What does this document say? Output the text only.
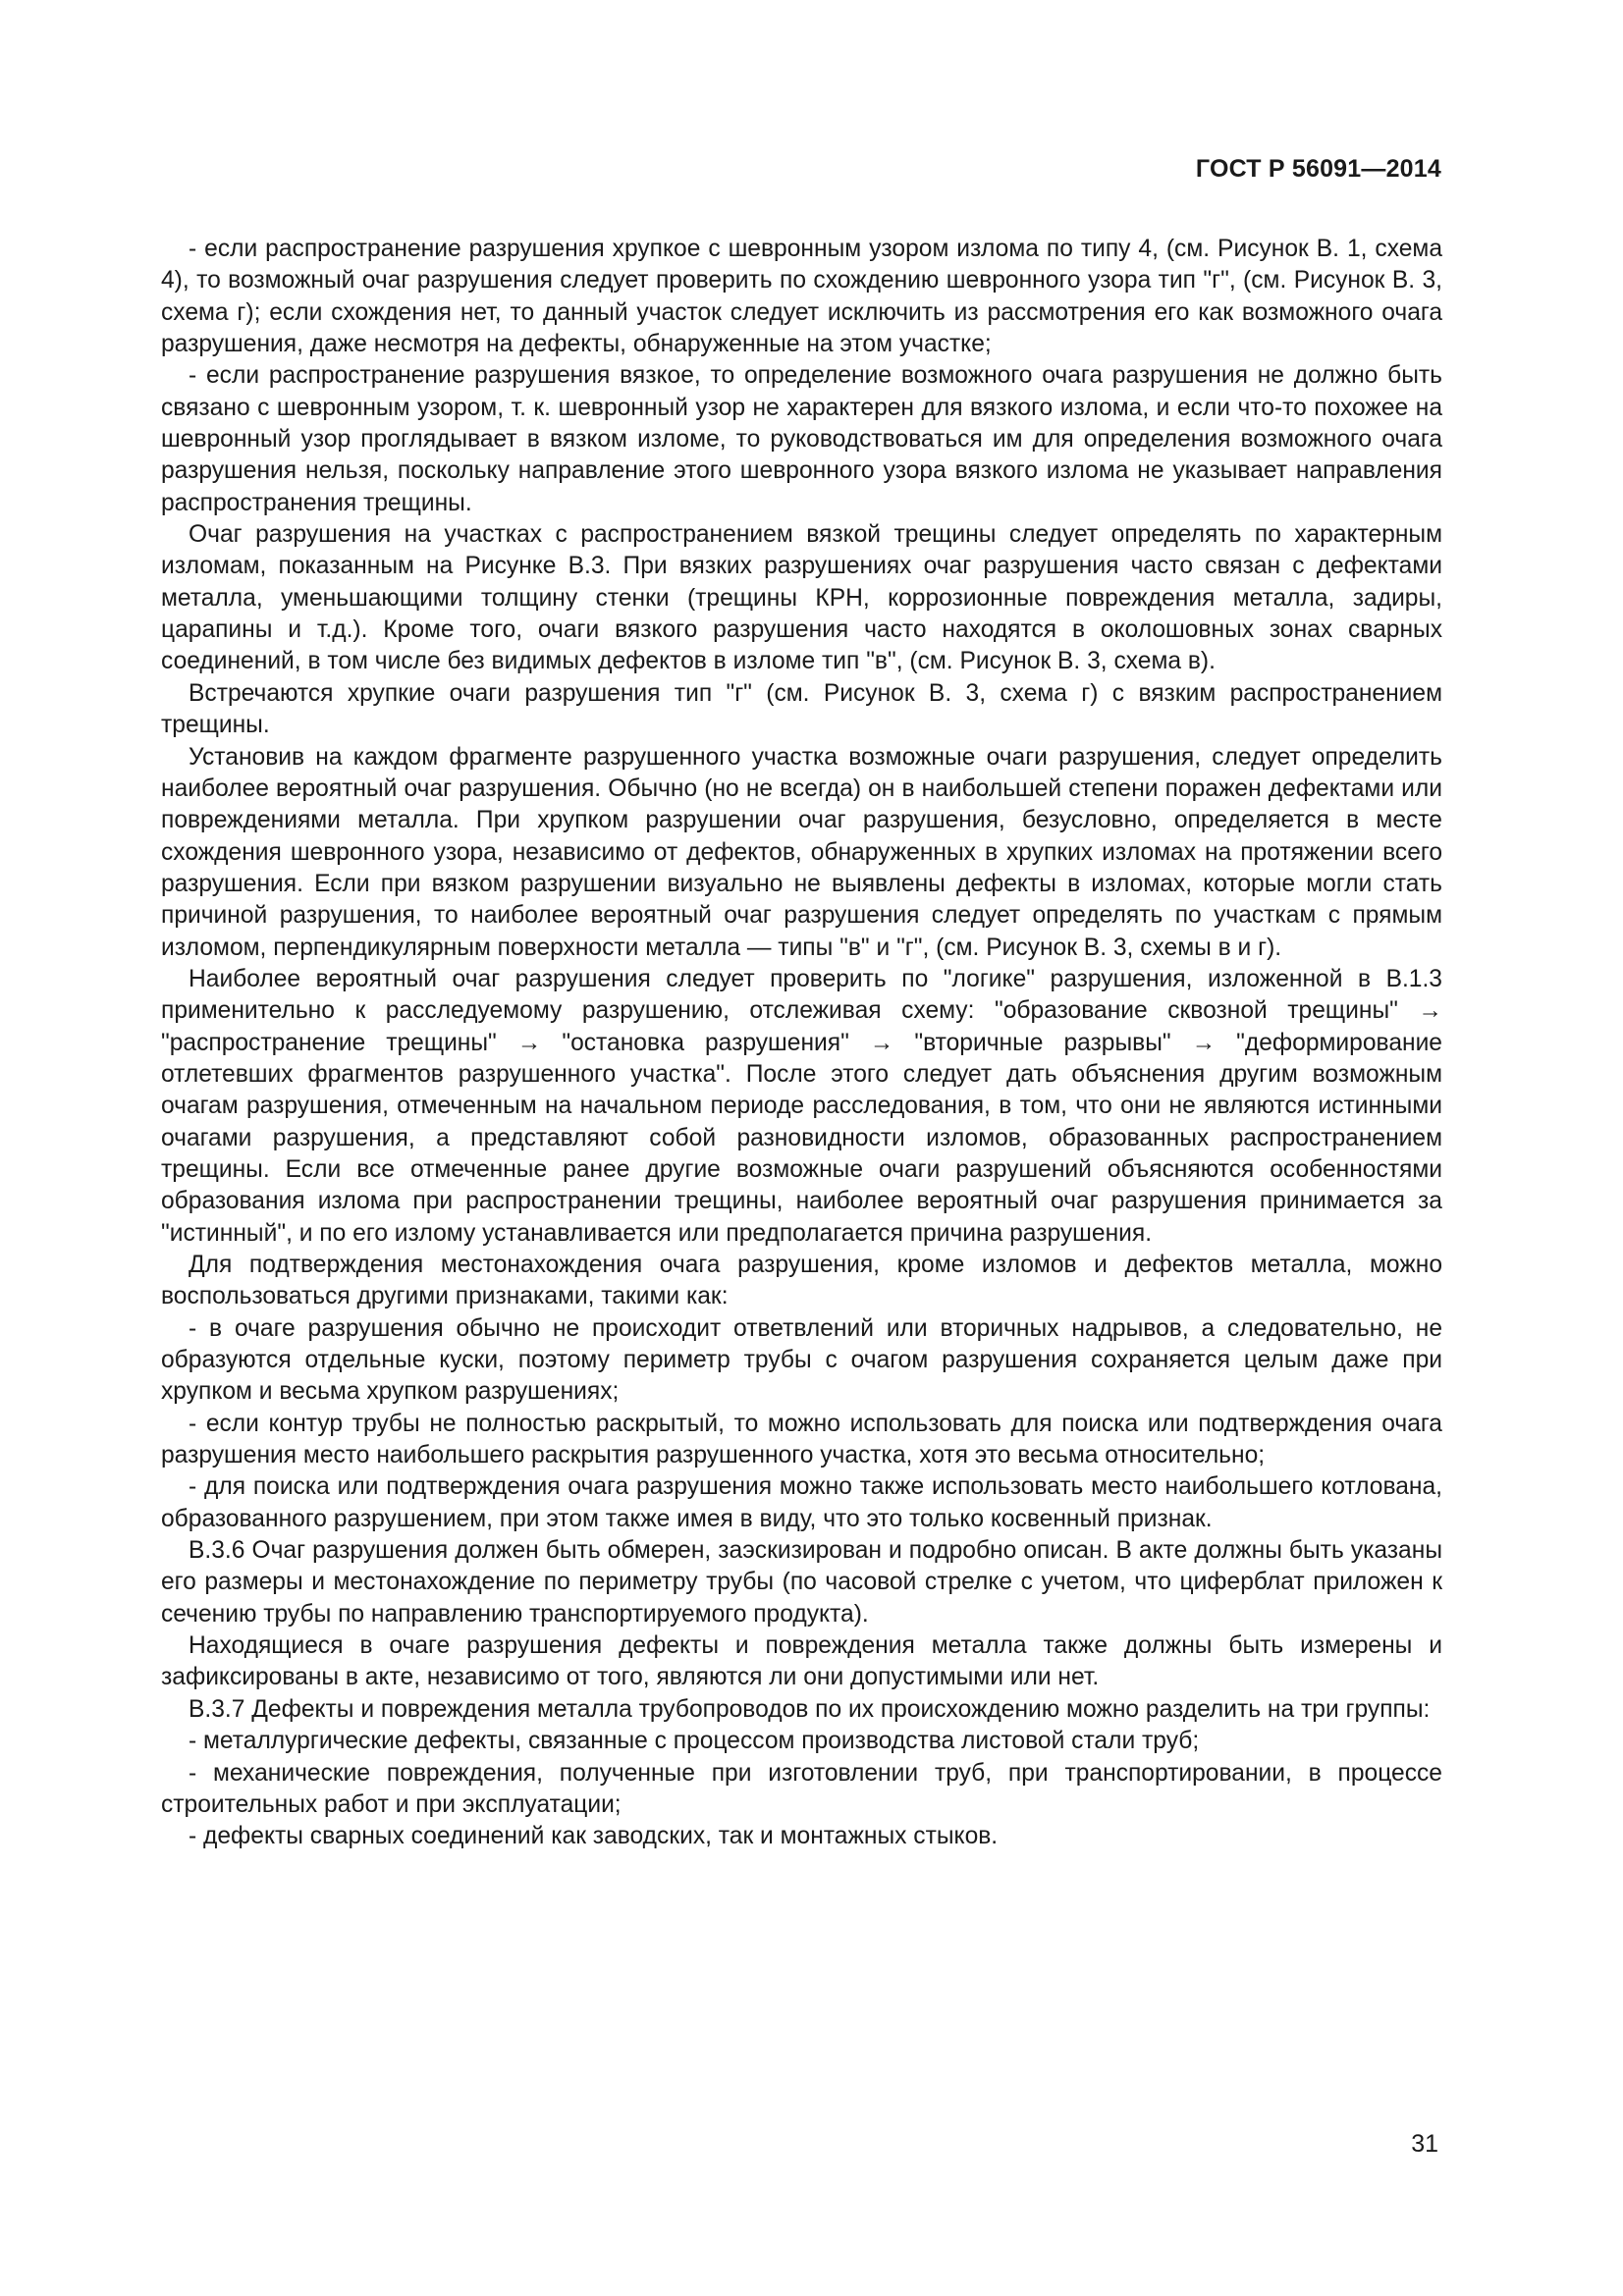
ГОСТ Р 56091—2014

- если распространение разрушения хрупкое с шевронным узором излома по типу 4, (см. Рисунок В. 1, схема 4), то возможный очаг разрушения следует проверить по схождению шевронного узора тип "г", (см. Рисунок В. 3, схема г); если схождения нет, то данный участок следует исключить из рассмотрения его как возможного очага разрушения, даже несмотря на дефекты, обнаруженные на этом участке;

- если распространение разрушения вязкое, то определение возможного очага разрушения не должно быть связано с шевронным узором, т. к. шевронный узор не характерен для вязкого излома, и если что-то похожее на шевронный узор проглядывает в вязком изломе, то руководствоваться им для определения возможного очага разрушения нельзя, поскольку направление этого шевронного узора вязкого излома не указывает направления распространения трещины.

Очаг разрушения на участках с распространением вязкой трещины следует определять по характерным изломам, показанным на Рисунке В.3. При вязких разрушениях очаг разрушения часто связан с дефектами металла, уменьшающими толщину стенки (трещины КРН, коррозионные повреждения металла, задиры, царапины и т.д.). Кроме того, очаги вязкого разрушения часто находятся в околошовных зонах сварных соединений, в том числе без видимых дефектов в изломе тип "в", (см. Рисунок В. 3, схема в).

Встречаются хрупкие очаги разрушения тип "г" (см. Рисунок В. 3, схема г) с вязким распространением трещины.

Установив на каждом фрагменте разрушенного участка возможные очаги разрушения, следует определить наиболее вероятный очаг разрушения. Обычно (но не всегда) он в наибольшей степени поражен дефектами или повреждениями металла. При хрупком разрушении очаг разрушения, безусловно, определяется в месте схождения шевронного узора, независимо от дефектов, обнаруженных в хрупких изломах на протяжении всего разрушения. Если при вязком разрушении визуально не выявлены дефекты в изломах, которые могли стать причиной разрушения, то наиболее вероятный очаг разрушения следует определять по участкам с прямым изломом, перпендикулярным поверхности металла — типы "в" и "г", (см. Рисунок В. 3, схемы в и г).

Наиболее вероятный очаг разрушения следует проверить по "логике" разрушения, изложенной в В.1.3 применительно к расследуемому разрушению, отслеживая схему: "образование сквозной трещины" → "распространение трещины" → "остановка разрушения" → "вторичные разрывы" → "деформирование отлетевших фрагментов разрушенного участка". После этого следует дать объяснения другим возможным очагам разрушения, отмеченным на начальном периоде расследования, в том, что они не являются истинными очагами разрушения, а представляют собой разновидности изломов, образованных распространением трещины. Если все отмеченные ранее другие возможные очаги разрушений объясняются особенностями образования излома при распространении трещины, наиболее вероятный очаг разрушения принимается за "истинный", и по его излому устанавливается или предполагается причина разрушения.

Для подтверждения местонахождения очага разрушения, кроме изломов и дефектов металла, можно воспользоваться другими признаками, такими как:

- в очаге разрушения обычно не происходит ответвлений или вторичных надрывов, а следовательно, не образуются отдельные куски, поэтому периметр трубы с очагом разрушения сохраняется целым даже при хрупком и весьма хрупком разрушениях;

- если контур трубы не полностью раскрытый, то можно использовать для поиска или подтверждения очага разрушения место наибольшего раскрытия разрушенного участка, хотя это весьма относительно;

- для поиска или подтверждения очага разрушения можно также использовать место наибольшего котлована, образованного разрушением, при этом также имея в виду, что это только косвенный признак.

В.3.6 Очаг разрушения должен быть обмерен, заэскизирован и подробно описан. В акте должны быть указаны его размеры и местонахождение по периметру трубы (по часовой стрелке с учетом, что циферблат приложен к сечению трубы по направлению транспортируемого продукта).

Находящиеся в очаге разрушения дефекты и повреждения металла также должны быть измерены и зафиксированы в акте, независимо от того, являются ли они допустимыми или нет.

В.3.7 Дефекты и повреждения металла трубопроводов по их происхождению можно разделить на три группы:

- металлургические дефекты, связанные с процессом производства листовой стали труб;

- механические повреждения, полученные при изготовлении труб, при транспортировании, в процессе строительных работ и при эксплуатации;

- дефекты сварных соединений как заводских, так и монтажных стыков.

31
